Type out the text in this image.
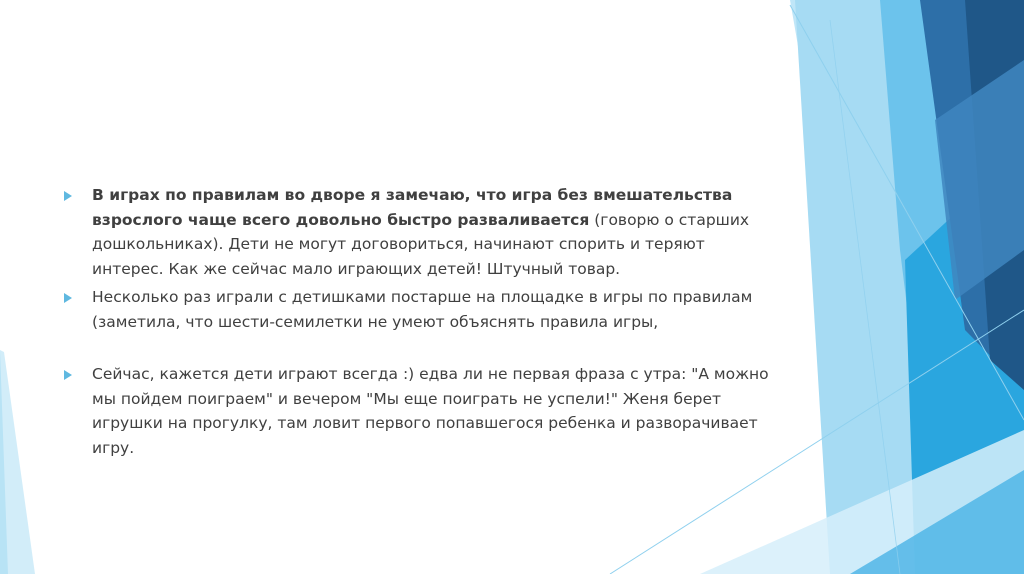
В играх по правилам во дворе я замечаю, что игра без вмешательства взрослого чаще всего довольно быстро разваливается (говорю о старших дошкольниках). Дети не могут договориться, начинают спорить и теряют интерес. Как же сейчас мало играющих детей! Штучный товар.
Несколько раз играли с детишками постарше на площадке в игры по правилам (заметила, что шести-семилетки не умеют объяснять правила игры,
Сейчас, кажется дети играют всегда :) едва ли не первая фраза с утра: "А можно мы пойдем поиграем" и вечером "Мы еще поиграть не успели!" Женя берет игрушки на прогулку, там ловит первого попавшегося ребенка и разворачивает игру.
